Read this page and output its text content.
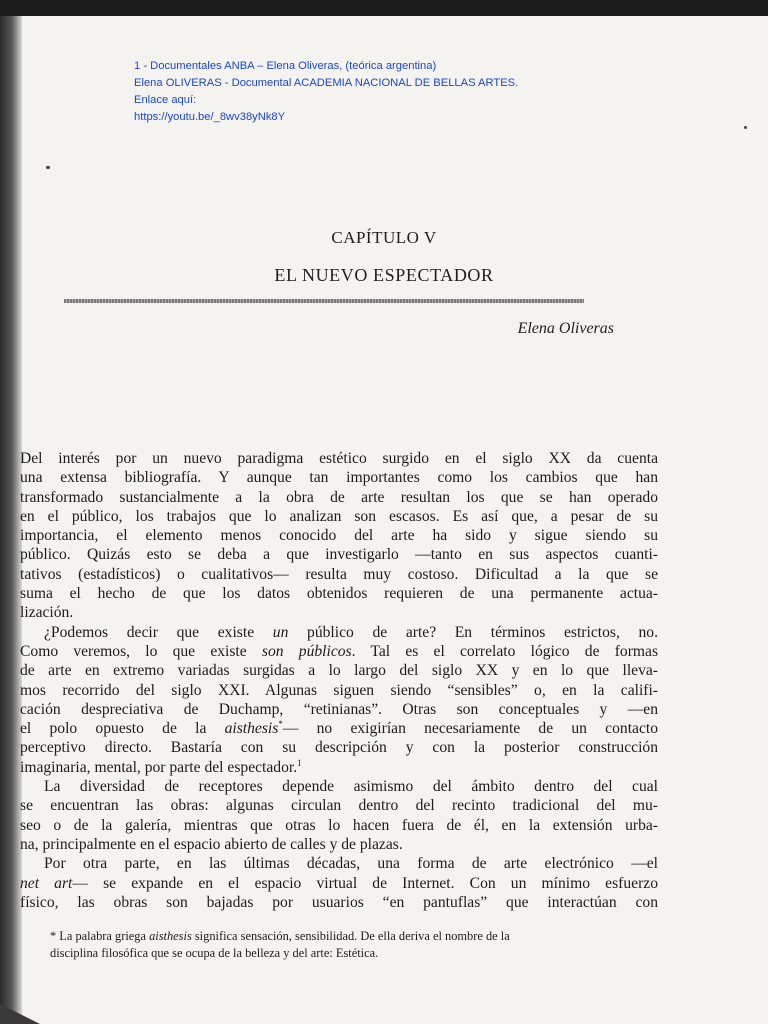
1 - Documentales ANBA – Elena Oliveras, (teórica argentina)
Elena OLIVERAS - Documental ACADEMIA NACIONAL DE BELLAS ARTES.
Enlace aquí:
https://youtu.be/_8wv38yNk8Y
CAPÍTULO V
EL NUEVO ESPECTADOR
Elena Oliveras
Del interés por un nuevo paradigma estético surgido en el siglo XX da cuenta
una extensa bibliografía. Y aunque tan importantes como los cambios que han
transformado sustancialmente a la obra de arte resultan los que se han operado
en el público, los trabajos que lo analizan son escasos. Es así que, a pesar de su
importancia, el elemento menos conocido del arte ha sido y sigue siendo su
público. Quizás esto se deba a que investigarlo —tanto en sus aspectos cuanti-
tativos (estadísticos) o cualitativos— resulta muy costoso. Dificultad a la que se
suma el hecho de que los datos obtenidos requieren de una permanente actua-
lización.
¿Podemos decir que existe un público de arte? En términos estrictos, no.
Como veremos, lo que existe son públicos. Tal es el correlato lógico de formas
de arte en extremo variadas surgidas a lo largo del siglo XX y en lo que lleva-
mos recorrido del siglo XXI. Algunas siguen siendo “sensibles” o, en la califi-
cación despreciativa de Duchamp, “retinianas”. Otras son conceptuales y —en
el polo opuesto de la aisthesis*— no exigirían necesariamente de un contacto
perceptivo directo. Bastaría con su descripción y con la posterior construcción
imaginaria, mental, por parte del espectador.$^1$
La diversidad de receptores depende asimismo del ámbito dentro del cual
se encuentran las obras: algunas circulan dentro del recinto tradicional del mu-
seo o de la galería, mientras que otras lo hacen fuera de él, en la extensión urba-
na, principalmente en el espacio abierto de calles y de plazas.
Por otra parte, en las últimas décadas, una forma de arte electrónico —el
net art— se expande en el espacio virtual de Internet. Con un mínimo esfuerzo
físico, las obras son bajadas por usuarios “en pantuflas” que interactúan con
* La palabra griega aisthesis significa sensación, sensibilidad. De ella deriva el nombre de la
disciplina filosófica que se ocupa de la belleza y del arte: Estética.
